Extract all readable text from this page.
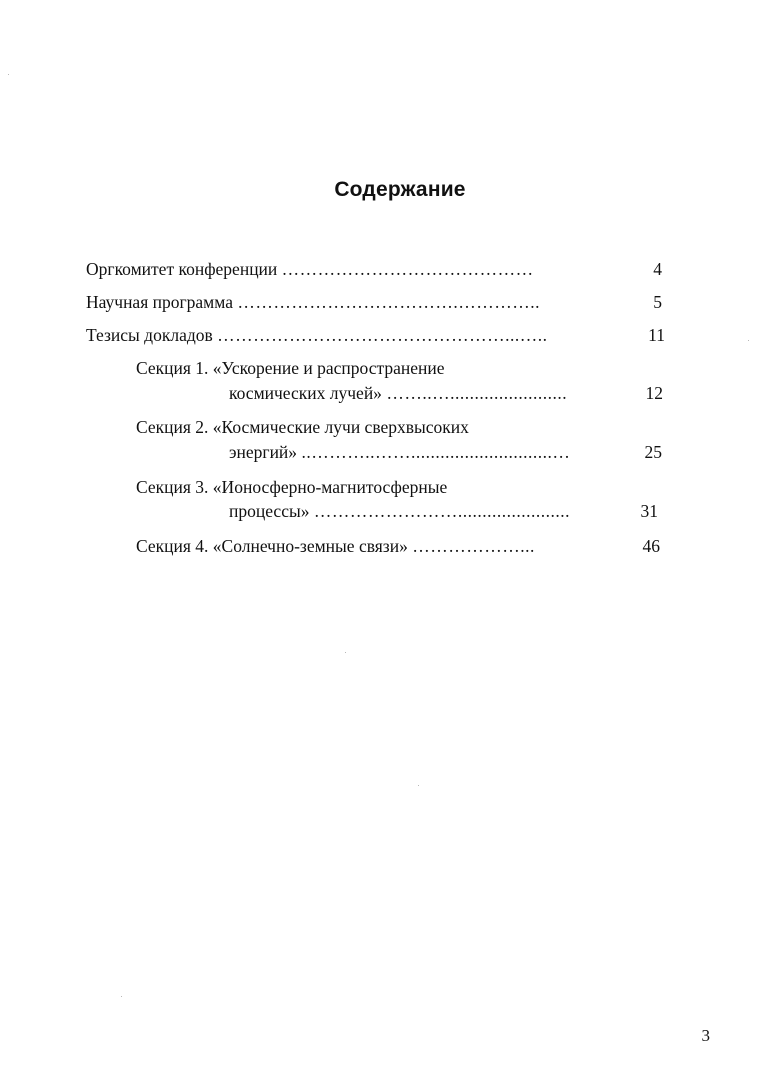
Содержание
Оргкомитет конференции ……………………………………	4
Научная программа ……………………………….…………..	5
Тезисы докладов …………………………………………...…..	11
Секция 1. «Ускорение и распространение
космических лучей» ……..…........................	12
Секция 2. «Космические лучи сверхвысоких
энергий» ..………..…….............................…	25
Секция 3. «Ионосферно-магнитосферные
процессы» …………………….......................	31
Секция 4. «Солнечно-земные связи» ………………...	46
3
